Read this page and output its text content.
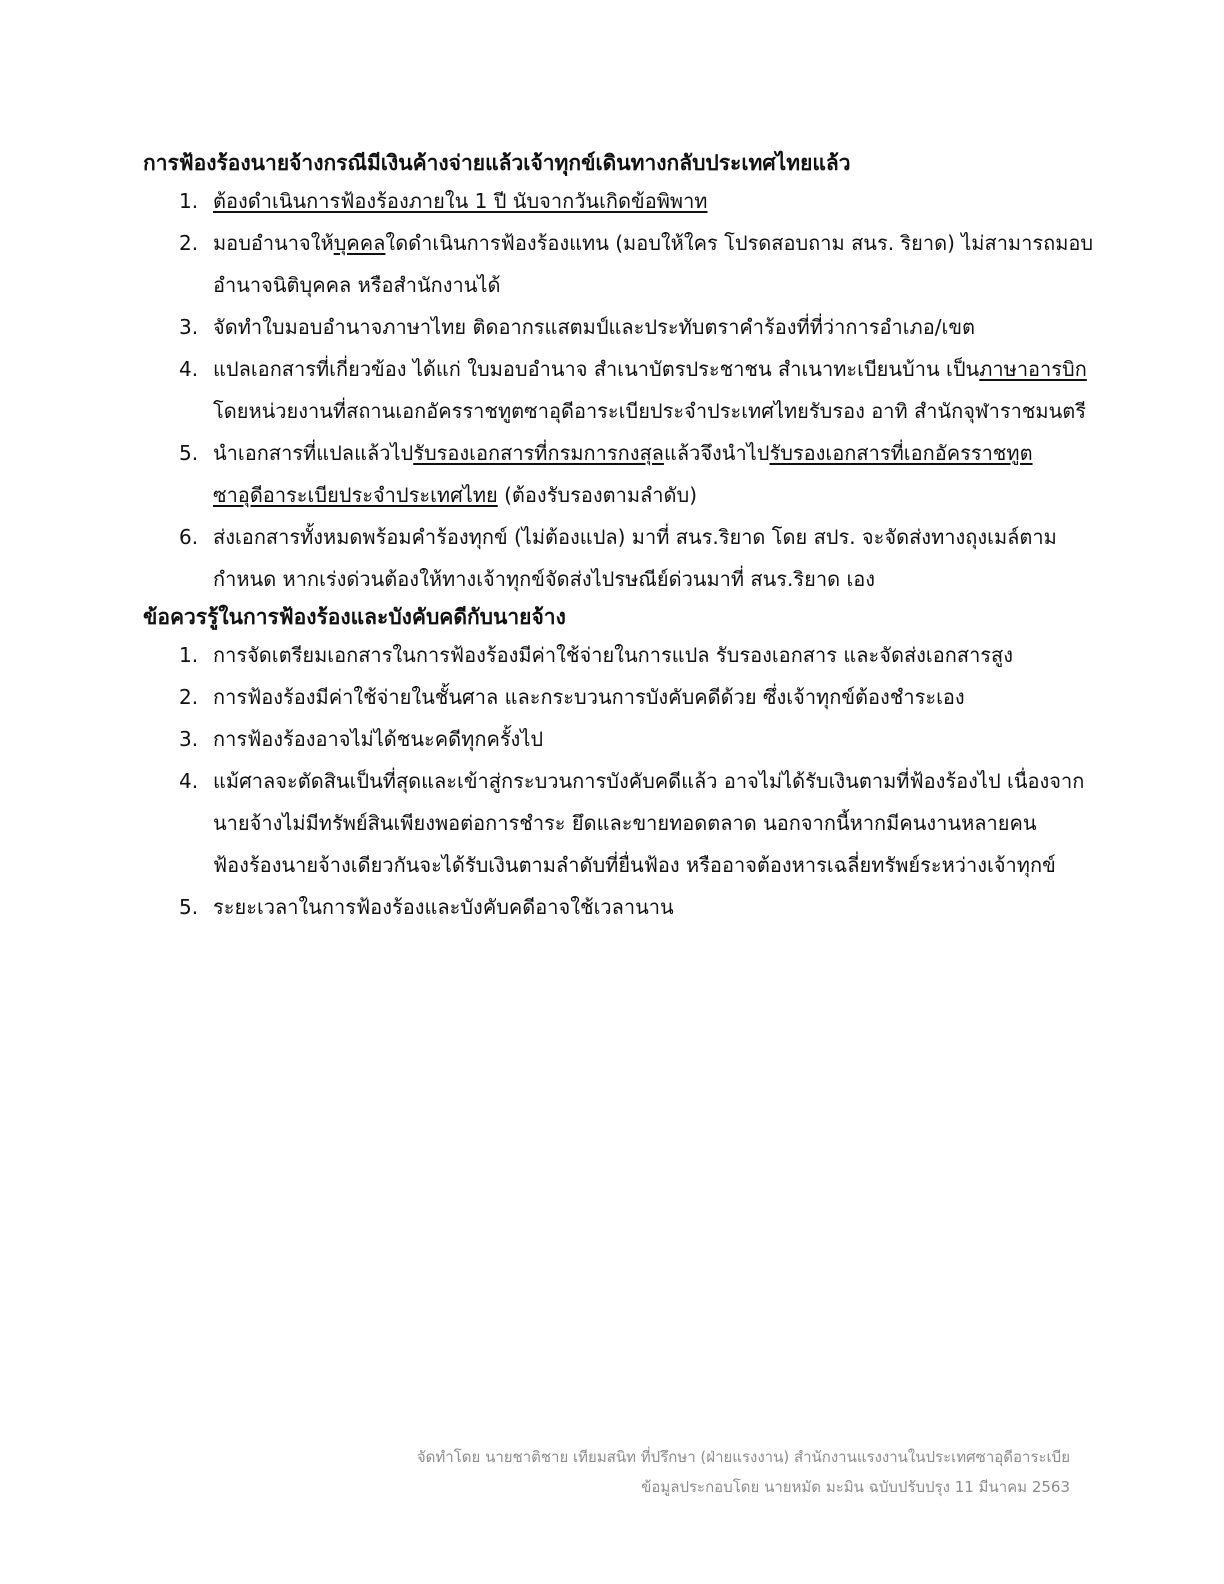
การฟ้องร้องนายจ้างกรณีมีเงินค้างจ่ายแล้วเจ้าทุกข์เดินทางกลับประเทศไทยแล้ว
1. ต้องดำเนินการฟ้องร้องภายใน 1 ปี นับจากวันเกิดข้อพิพาท
2. มอบอำนาจให้บุคคลใดดำเนินการฟ้องร้องแทน (มอบให้ใคร โปรดสอบถาม สนร. ริยาด) ไม่สามารถมอบ
อำนาจนิติบุคคล หรือสำนักงานได้
3. จัดทำใบมอบอำนาจภาษาไทย ติดอากรแสตมป์และประทับตราคำร้องที่ที่ว่าการอำเภอ/เขต
4. แปลเอกสารที่เกี่ยวข้อง ได้แก่ ใบมอบอำนาจ สำเนาบัตรประชาชน สำเนาทะเบียนบ้าน เป็นภาษาอารบิก
โดยหน่วยงานที่สถานเอกอัครราชทูตซาอุดีอาระเบียประจำประเทศไทยรับรอง อาทิ สำนักจุฬาราชมนตรี
5. นำเอกสารที่แปลแล้วไปรับรองเอกสารที่กรมการกงสุลแล้วจึงนำไปรับรองเอกสารที่เอกอัครราชทูต
ซาอุดีอาระเบียประจำประเทศไทย (ต้องรับรองตามลำดับ)
6. ส่งเอกสารทั้งหมดพร้อมคำร้องทุกข์ (ไม่ต้องแปล) มาที่ สนร.ริยาด โดย สปร. จะจัดส่งทางถุงเมล์ตาม
กำหนด หากเร่งด่วนต้องให้ทางเจ้าทุกข์จัดส่งไปรษณีย์ด่วนมาที่ สนร.ริยาด เอง
ข้อควรรู้ในการฟ้องร้องและบังคับคดีกับนายจ้าง
1. การจัดเตรียมเอกสารในการฟ้องร้องมีค่าใช้จ่ายในการแปล รับรองเอกสาร และจัดส่งเอกสารสูง
2. การฟ้องร้องมีค่าใช้จ่ายในชั้นศาล และกระบวนการบังคับคดีด้วย ซึ่งเจ้าทุกข์ต้องชำระเอง
3. การฟ้องร้องอาจไม่ได้ชนะคดีทุกครั้งไป
4. แม้ศาลจะตัดสินเป็นที่สุดและเข้าสู่กระบวนการบังคับคดีแล้ว อาจไม่ได้รับเงินตามที่ฟ้องร้องไป เนื่องจาก
นายจ้างไม่มีทรัพย์สินเพียงพอต่อการชำระ ยึดและขายทอดตลาด นอกจากนี้หากมีคนงานหลายคน
ฟ้องร้องนายจ้างเดียวกันจะได้รับเงินตามลำดับที่ยื่นฟ้อง หรืออาจต้องหารเฉลี่ยทรัพย์ระหว่างเจ้าทุกข์
5. ระยะเวลาในการฟ้องร้องและบังคับคดีอาจใช้เวลานาน
จัดทำโดย นายชาติชาย เทียมสนิท ที่ปรึกษา (ฝ่ายแรงงาน) สำนักงานแรงงานในประเทศซาอุดีอาระเบีย
ข้อมูลประกอบโดย นายหมัด มะมิน ฉบับปรับปรุง 11 มีนาคม 2563
